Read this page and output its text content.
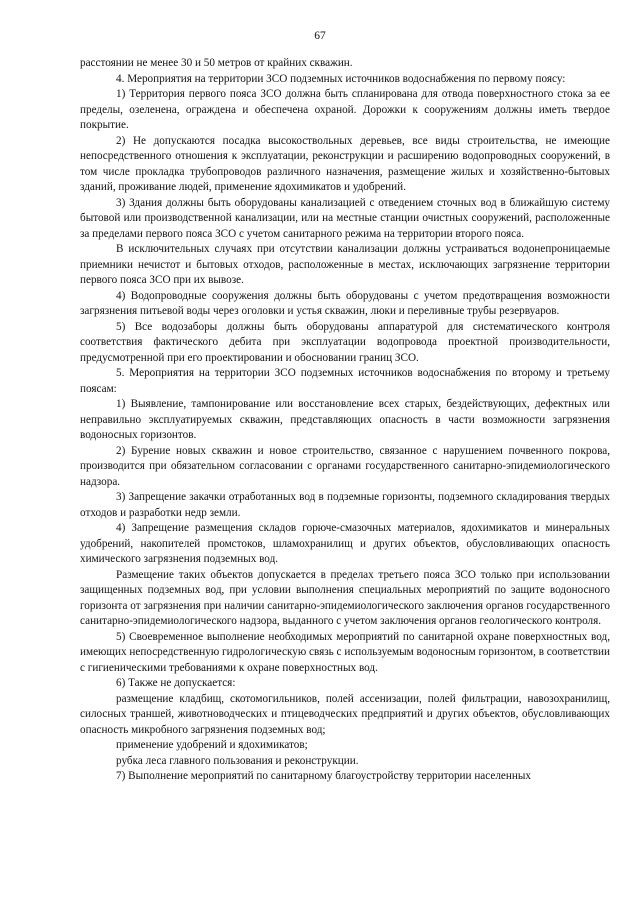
67

расстоянии не менее 30 и 50 метров от крайних скважин.

4. Мероприятия на территории ЗСО подземных источников водоснабжения по первому поясу:

1) Территория первого пояса ЗСО должна быть спланирована для отвода поверхностного стока за ее пределы, озеленена, ограждена и обеспечена охраной. Дорожки к сооружениям должны иметь твердое покрытие.

2) Не допускаются посадка высокоствольных деревьев, все виды строительства, не имеющие непосредственного отношения к эксплуатации, реконструкции и расширению водопроводных сооружений, в том числе прокладка трубопроводов различного назначения, размещение жилых и хозяйственно-бытовых зданий, проживание людей, применение ядохимикатов и удобрений.

3) Здания должны быть оборудованы канализацией с отведением сточных вод в ближайшую систему бытовой или производственной канализации, или на местные станции очистных сооружений, расположенные за пределами первого пояса ЗСО с учетом санитарного режима на территории второго пояса.

В исключительных случаях при отсутствии канализации должны устраиваться водонепроницаемые приемники нечистот и бытовых отходов, расположенные в местах, исключающих загрязнение территории первого пояса ЗСО при их вывозе.

4) Водопроводные сооружения должны быть оборудованы с учетом предотвращения возможности загрязнения питьевой воды через оголовки и устья скважин, люки и переливные трубы резервуаров.

5) Все водозаборы должны быть оборудованы аппаратурой для систематического контроля соответствия фактического дебита при эксплуатации водопровода проектной производительности, предусмотренной при его проектировании и обосновании границ ЗСО.

5. Мероприятия на территории ЗСО подземных источников водоснабжения по второму и третьему поясам:

1) Выявление, тампонирование или восстановление всех старых, бездействующих, дефектных или неправильно эксплуатируемых скважин, представляющих опасность в части возможности загрязнения водоносных горизонтов.

2) Бурение новых скважин и новое строительство, связанное с нарушением почвенного покрова, производится при обязательном согласовании с органами государственного санитарно-эпидемиологического надзора.

3) Запрещение закачки отработанных вод в подземные горизонты, подземного складирования твердых отходов и разработки недр земли.

4) Запрещение размещения складов горюче-смазочных материалов, ядохимикатов и минеральных удобрений, накопителей промстоков, шламохранилищ и других объектов, обусловливающих опасность химического загрязнения подземных вод.

Размещение таких объектов допускается в пределах третьего пояса ЗСО только при использовании защищенных подземных вод, при условии выполнения специальных мероприятий по защите водоносного горизонта от загрязнения при наличии санитарно-эпидемиологического заключения органов государственного санитарно-эпидемиологического надзора, выданного с учетом заключения органов геологического контроля.

5) Своевременное выполнение необходимых мероприятий по санитарной охране поверхностных вод, имеющих непосредственную гидрологическую связь с используемым водоносным горизонтом, в соответствии с гигиеническими требованиями к охране поверхностных вод.

6) Также не допускается:

размещение кладбищ, скотомогильников, полей ассенизации, полей фильтрации, навозохранилищ, силосных траншей, животноводческих и птицеводческих предприятий и других объектов, обусловливающих опасность микробного загрязнения подземных вод;

применение удобрений и ядохимикатов;

рубка леса главного пользования и реконструкции.

7) Выполнение мероприятий по санитарному благоустройству территории населенных
